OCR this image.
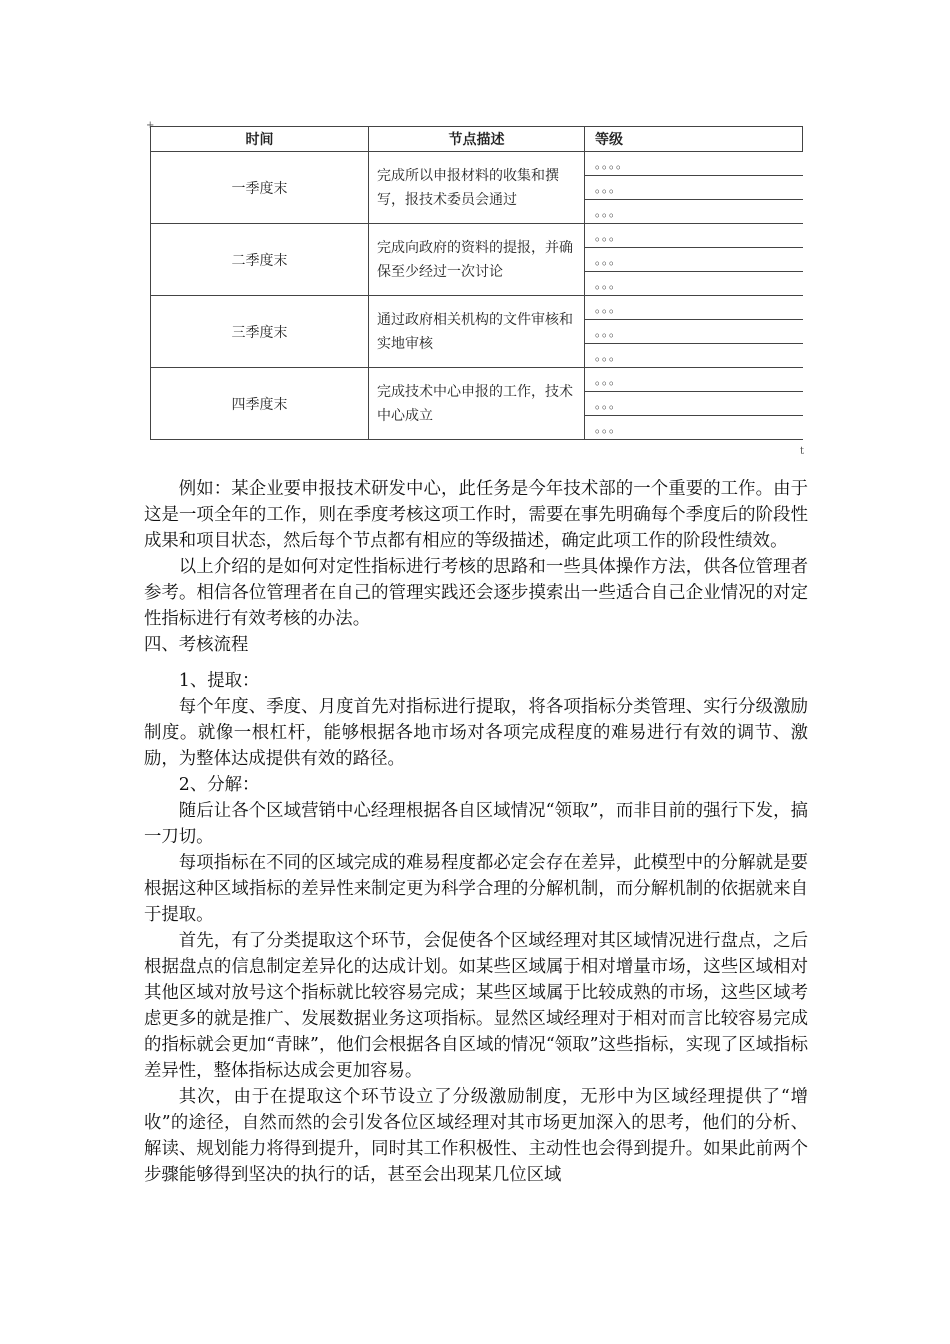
+
时间	节点描述	等级
一季度末	完成所以申报材料的收集和撰写，报技术委员会通过	。。。。
		。。。
		。。。
二季度末	完成向政府的资料的提报，并确保至少经过一次讨论	。。。
		。。。
		。。。
三季度末	通过政府相关机构的文件审核和实地审核	。。。
		。。。
		。。。
四季度末	完成技术中心申报的工作，技术中心成立	。。。
		。。。
		。。。
t

例如：某企业要申报技术研发中心，此任务是今年技术部的一个重要的工作。由于这是一项全年的工作，则在季度考核这项工作时，需要在事先明确每个季度后的阶段性成果和项目状态，然后每个节点都有相应的等级描述，确定此项工作的阶段性绩效。

以上介绍的是如何对定性指标进行考核的思路和一些具体操作方法，供各位管理者参考。相信各位管理者在自己的管理实践还会逐步摸索出一些适合自己企业情况的对定性指标进行有效考核的办法。

四、考核流程

1、提取：

每个年度、季度、月度首先对指标进行提取，将各项指标分类管理、实行分级激励制度。就像一根杠杆，能够根据各地市场对各项完成程度的难易进行有效的调节、激励，为整体达成提供有效的路径。

2、分解：

随后让各个区域营销中心经理根据各自区域情况“领取”，而非目前的强行下发，搞一刀切。

每项指标在不同的区域完成的难易程度都必定会存在差异，此模型中的分解就是要根据这种区域指标的差异性来制定更为科学合理的分解机制，而分解机制的依据就来自于提取。

首先，有了分类提取这个环节，会促使各个区域经理对其区域情况进行盘点，之后根据盘点的信息制定差异化的达成计划。如某些区域属于相对增量市场，这些区域相对其他区域对放号这个指标就比较容易完成；某些区域属于比较成熟的市场，这些区域考虑更多的就是推广、发展数据业务这项指标。显然区域经理对于相对而言比较容易完成的指标就会更加“青睐”，他们会根据各自区域的情况“领取”这些指标，实现了区域指标差异性，整体指标达成会更加容易。

其次，由于在提取这个环节设立了分级激励制度，无形中为区域经理提供了“增收”的途径，自然而然的会引发各位区域经理对其市场更加深入的思考，他们的分析、解读、规划能力将得到提升，同时其工作积极性、主动性也会得到提升。如果此前两个步骤能够得到坚决的执行的话，甚至会出现某几位区域
